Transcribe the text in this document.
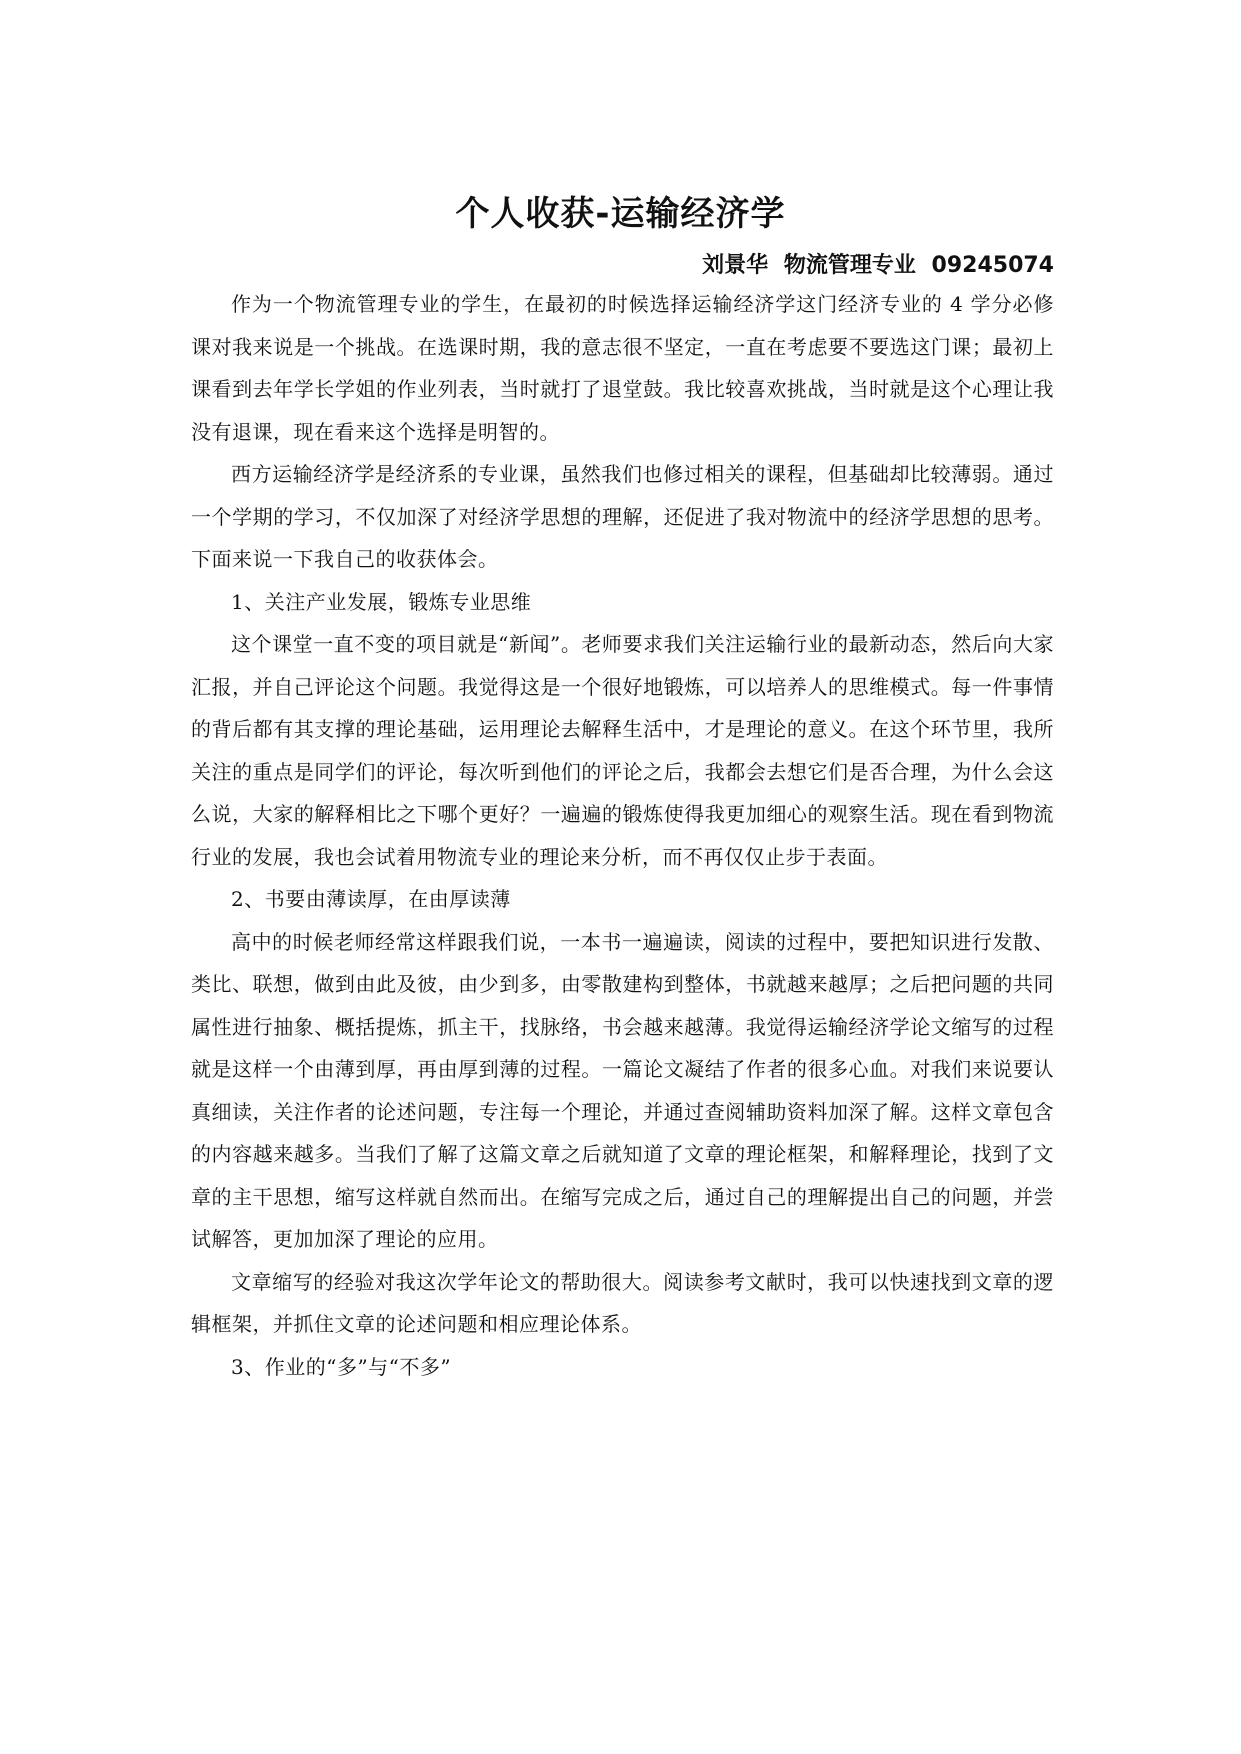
个人收获-运输经济学
刘景华 物流管理专业 09245074

作为一个物流管理专业的学生，在最初的时候选择运输经济学这门经济专业的 4 学分必修课对我来说是一个挑战。在选课时期，我的意志很不坚定，一直在考虑要不要选这门课；最初上课看到去年学长学姐的作业列表，当时就打了退堂鼓。我比较喜欢挑战，当时就是这个心理让我没有退课，现在看来这个选择是明智的。

西方运输经济学是经济系的专业课，虽然我们也修过相关的课程，但基础却比较薄弱。通过一个学期的学习，不仅加深了对经济学思想的理解，还促进了我对物流中的经济学思想的思考。下面来说一下我自己的收获体会。

1、关注产业发展，锻炼专业思维

这个课堂一直不变的项目就是“新闻”。老师要求我们关注运输行业的最新动态，然后向大家汇报，并自己评论这个问题。我觉得这是一个很好地锻炼，可以培养人的思维模式。每一件事情的背后都有其支撑的理论基础，运用理论去解释生活中，才是理论的意义。在这个环节里，我所关注的重点是同学们的评论，每次听到他们的评论之后，我都会去想它们是否合理，为什么会这么说，大家的解释相比之下哪个更好？一遍遍的锻炼使得我更加细心的观察生活。现在看到物流行业的发展，我也会试着用物流专业的理论来分析，而不再仅仅止步于表面。

2、书要由薄读厚，在由厚读薄

高中的时候老师经常这样跟我们说，一本书一遍遍读，阅读的过程中，要把知识进行发散、类比、联想，做到由此及彼，由少到多，由零散建构到整体，书就越来越厚；之后把问题的共同属性进行抽象、概括提炼，抓主干，找脉络，书会越来越薄。我觉得运输经济学论文缩写的过程就是这样一个由薄到厚，再由厚到薄的过程。一篇论文凝结了作者的很多心血。对我们来说要认真细读，关注作者的论述问题，专注每一个理论，并通过查阅辅助资料加深了解。这样文章包含的内容越来越多。当我们了解了这篇文章之后就知道了文章的理论框架，和解释理论，找到了文章的主干思想，缩写这样就自然而出。在缩写完成之后，通过自己的理解提出自己的问题，并尝试解答，更加加深了理论的应用。

文章缩写的经验对我这次学年论文的帮助很大。阅读参考文献时，我可以快速找到文章的逻辑框架，并抓住文章的论述问题和相应理论体系。

3、作业的“多”与“不多”
